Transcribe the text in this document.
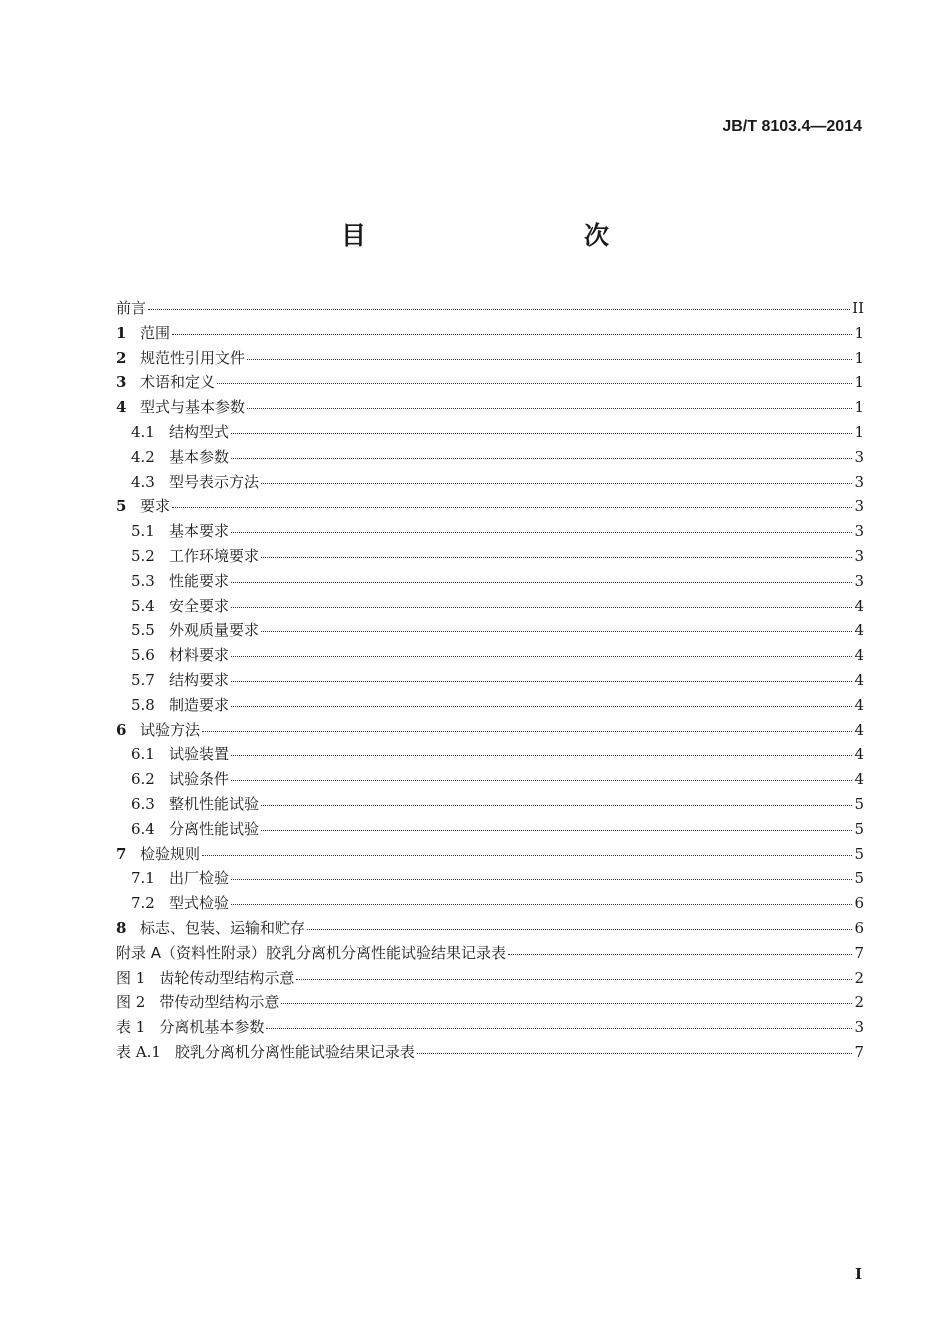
JB/T 8103.4—2014
目　　次
前言	II
1 范围	1
2 规范性引用文件	1
3 术语和定义	1
4 型式与基本参数	1
4.1 结构型式	1
4.2 基本参数	3
4.3 型号表示方法	3
5 要求	3
5.1 基本要求	3
5.2 工作环境要求	3
5.3 性能要求	3
5.4 安全要求	4
5.5 外观质量要求	4
5.6 材料要求	4
5.7 结构要求	4
5.8 制造要求	4
6 试验方法	4
6.1 试验装置	4
6.2 试验条件	4
6.3 整机性能试验	5
6.4 分离性能试验	5
7 检验规则	5
7.1 出厂检验	5
7.2 型式检验	6
8 标志、包装、运输和贮存	6
附录 A（资料性附录）胶乳分离机分离性能试验结果记录表	7
图 1 齿轮传动型结构示意	2
图 2 带传动型结构示意	2
表 1 分离机基本参数	3
表 A.1 胶乳分离机分离性能试验结果记录表	7
I
